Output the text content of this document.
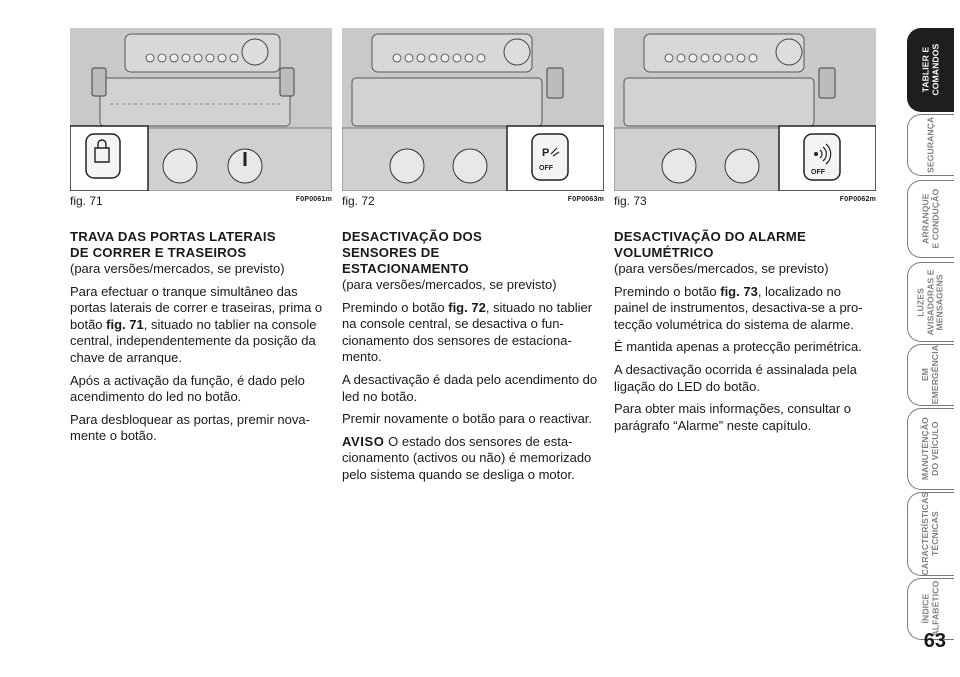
fig. 71	F0P0061m
P
OFF
fig. 72	F0P0063m
OFF
fig. 73	F0P0062m
TRAVA DAS PORTAS LATERAIS
DE CORRER E TRASEIROS

(para versões/mercados, se previsto)

Para efectuar o tranque simultâneo das portas laterais de correr e traseiras, prima o botão fig. 71, situado no tablier na console central, independentemente da posição da chave de arranque.

Após a activação da função, é dado pelo acendimento do led no botão.

Para desbloquear as portas, premir novamente o botão.

DESACTIVAÇÃO DOS
SENSORES DE
ESTACIONAMENTO

(para versões/mercados, se previsto)

Premindo o botão fig. 72, situado no tablier na console central, se desactiva o funcionamento dos sensores de estacionamento.

A desactivação é dada pelo acendimento do led no botão.

Premir novamente o botão para o reactivar.

AVISO O estado dos sensores de estacionamento (activos ou não) é memorizado pelo sistema quando se desliga o motor.

DESACTIVAÇÃO DO ALARME
VOLUMÉTRICO

(para versões/mercados, se previsto)

Premindo o botão fig. 73, localizado no painel de instrumentos, desactiva-se a protecção volumétrica do sistema de alarme.

É mantida apenas a protecção perimétrica.

A desactivação ocorrida é assinalada pela ligação do LED do botão.

Para obter mais informações, consultar o parágrafo “Alarme” neste capítulo.

TABLIER E
COMANDOS
SEGURANÇA
ARRANQUE
E CONDUÇÃO
LUZES
AVISADORAS E
MENSAGENS
EM
EMERGÊNCIA
MANUTENÇÃO
DO VEÍCULO
CARACTERÍSTICAS
TÉCNICAS
ÍNDICE
ALFABÉTICO
63
